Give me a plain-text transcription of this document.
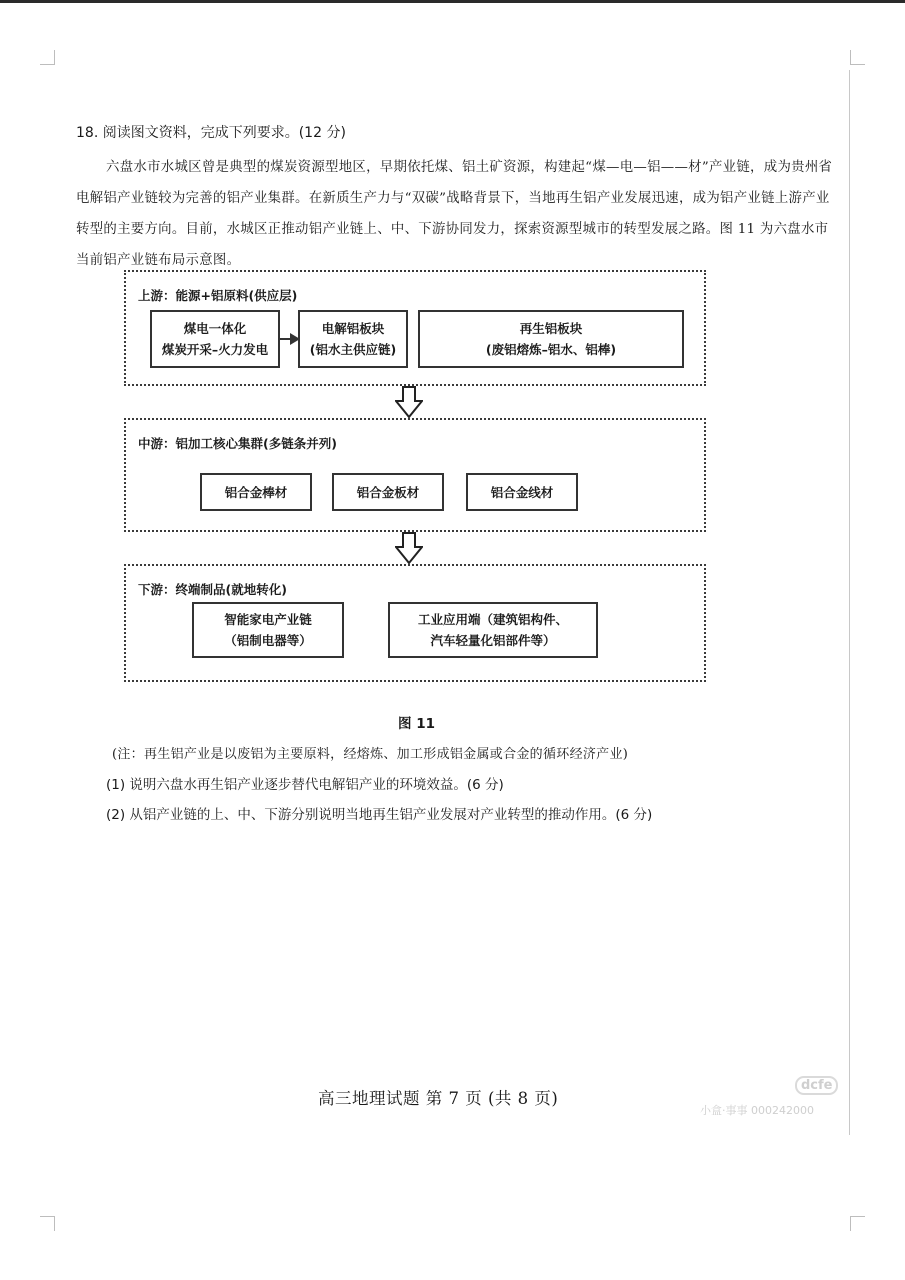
18. 阅读图文资料，完成下列要求。(12 分)
六盘水市水城区曾是典型的煤炭资源型地区，早期依托煤、铝土矿资源，构建起“煤—电—铝——材”产业链，成为贵州省电解铝产业链较为完善的铝产业集群。在新质生产力与“双碳”战略背景下，当地再生铝产业发展迅速，成为铝产业链上游产业转型的主要方向。目前，水城区正推动铝产业链上、中、下游协同发力，探索资源型城市的转型发展之路。图 11 为六盘水市当前铝产业链布局示意图。
上游：能源+铝原料(供应层)
煤电一体化
煤炭开采–火力发电
电解铝板块
(铝水主供应链)
再生铝板块
(废铝熔炼–铝水、铝棒)
中游：铝加工核心集群(多链条并列)
铝合金棒材	铝合金板材	铝合金线材
下游：终端制品(就地转化)
智能家电产业链
（铝制电器等）
工业应用端（建筑铝构件、
汽车轻量化铝部件等）
图 11
(注：再生铝产业是以废铝为主要原料，经熔炼、加工形成铝金属或合金的循环经济产业)
(1) 说明六盘水再生铝产业逐步替代电解铝产业的环境效益。(6 分)
(2) 从铝产业链的上、中、下游分别说明当地再生铝产业发展对产业转型的推动作用。(6 分)
高三地理试题 第 7 页 (共 8 页)
dcfe
小盒·事事 000242000
